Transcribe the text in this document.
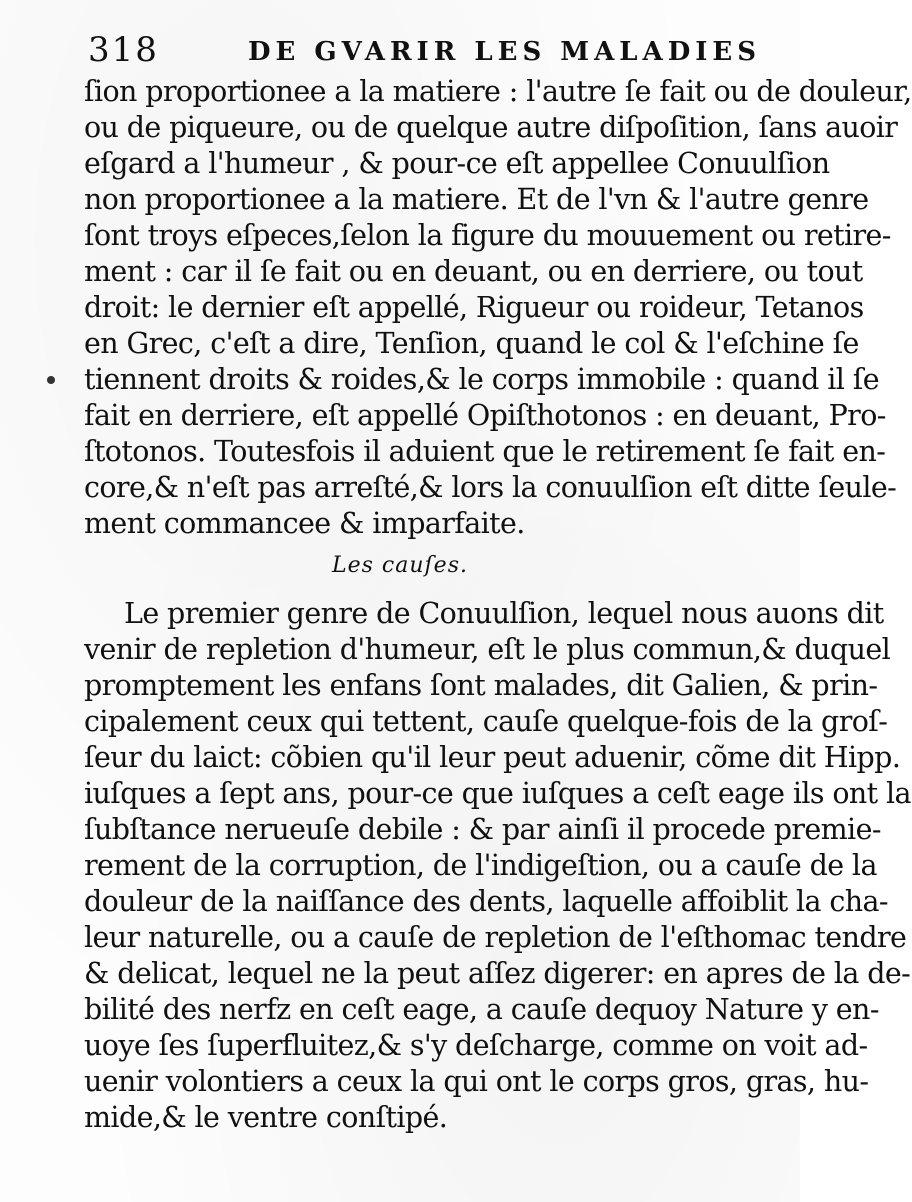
318	DE GVARIR LES MALADIES
ſion proportionee a la matiere : l'autre ſe fait ou de douleur,
ou de piqueure, ou de quelque autre diſpoſition, ſans auoir
eſgard a l'humeur , & pour-ce eſt appellee Conuulſion
non proportionee a la matiere. Et de l'vn & l'autre genre
ſont troys eſpeces,ſelon la figure du mouuement ou retire-
ment : car il ſe fait ou en deuant, ou en derriere, ou tout
droit: le dernier eſt appellé, Rigueur ou roideur, Tetanos
en Grec, c'eſt a dire, Tenſion, quand le col & l'eſchine ſe
tiennent droits & roides,& le corps immobile : quand il ſe
fait en derriere, eſt appellé Opiſthotonos : en deuant, Pro-
ſtotonos. Toutesfois il aduient que le retirement ſe fait en-
core,& n'eſt pas arreſté,& lors la conuulſion eſt ditte ſeule-
ment commancee & imparfaite.
Les cauſes.
Le premier genre de Conuulſion, lequel nous auons dit
venir de repletion d'humeur, eſt le plus commun,& duquel
promptement les enfans ſont malades, dit Galien, & prin-
cipalement ceux qui tettent, cauſe quelque-fois de la groſ-
ſeur du laict: cõbien qu'il leur peut aduenir, cõme dit Hipp.
iuſques a ſept ans, pour-ce que iuſques a ceſt eage ils ont la
ſubſtance nerueuſe debile : & par ainſi il procede premie-
rement de la corruption, de l'indigeſtion, ou a cauſe de la
douleur de la naiſſance des dents, laquelle affoiblit la cha-
leur naturelle, ou a cauſe de repletion de l'eſthomac tendre
& delicat, lequel ne la peut aſſez digerer: en apres de la de-
bilité des nerfz en ceſt eage, a cauſe dequoy Nature y en-
uoye ſes ſuperfluitez,& s'y deſcharge, comme on voit ad-
uenir volontiers a ceux la qui ont le corps gros, gras, hu-
mide,& le ventre conſtipé.
